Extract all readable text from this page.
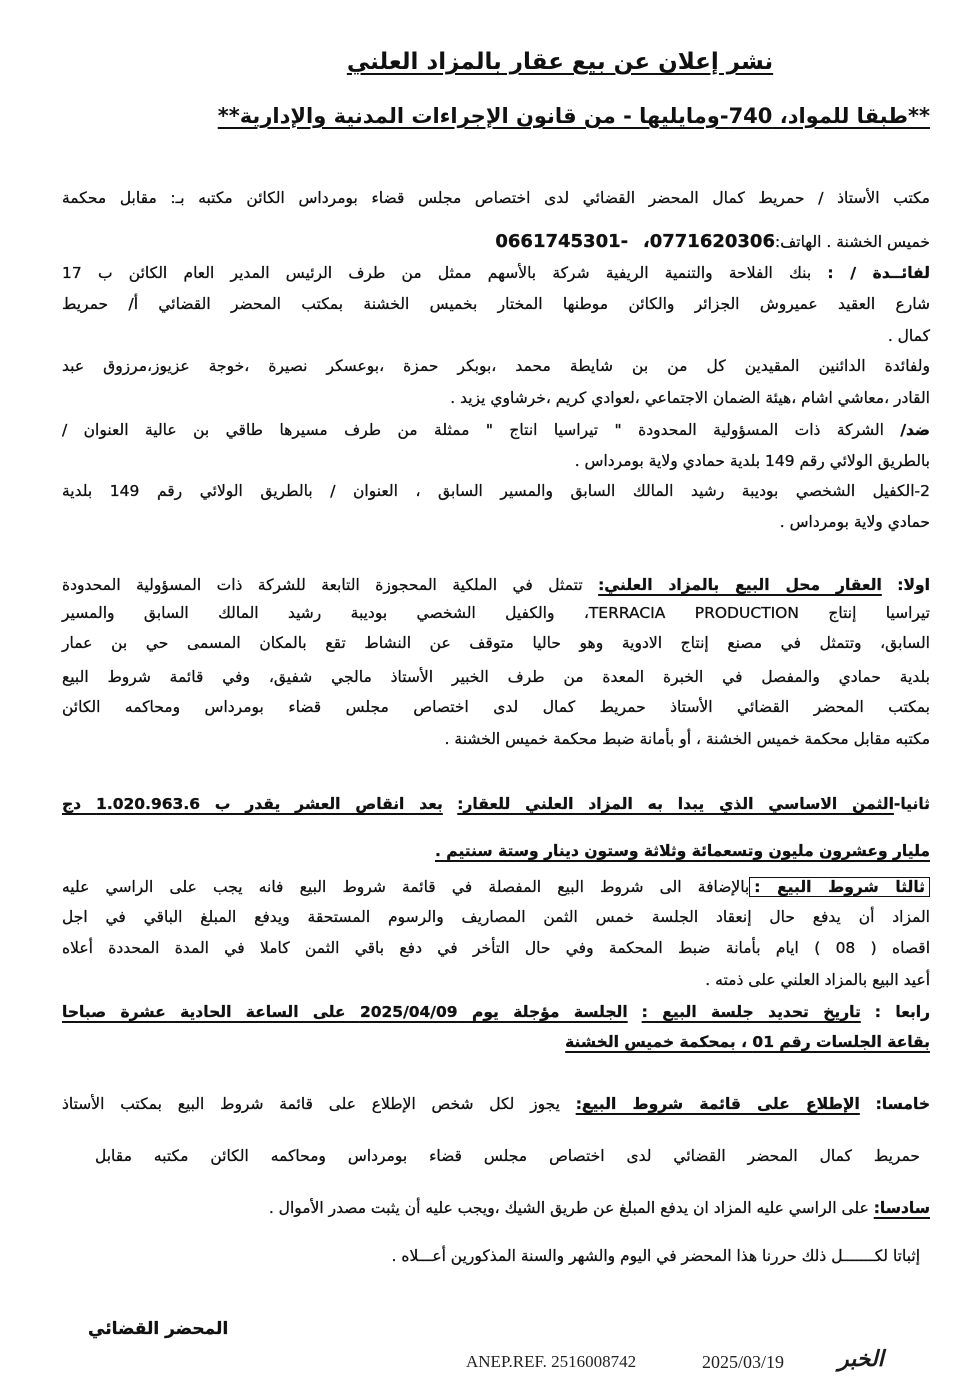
نشر إعلان عن بيع عقار بالمزاد العلني
**طبقا للمواد، 740-ومايليها - من قانون الإجراءات المدنية والإدارية**
مكتب الأستاذ / حمريط كمال المحضر القضائي لدى اختصاص مجلس قضاء بومرداس الكائن مكتبه بـ: مقابل محكمة
خميس الخشنة . الهاتف:0771620306،   -0661745301
لفائــدة / : بنك الفلاحة والتنمية الريفية شركة بالأسهم ممثل من طرف الرئيس المدير العام الكائن ب 17
شارع العقيد عميروش الجزائر والكائن موطنها المختار بخميس الخشنة بمكتب المحضر القضائي أ/ حمريط
كمال .
ولفائدة الدائنين المقيدين كل من بن شايطة محمد ،بوبكر حمزة ،بوعسكر نصيرة ،خوجة عزيوز،مرزوق عبد
القادر ،معاشي اشام ،هيئة الضمان الاجتماعي ،لعوادي كريم ،خرشاوي يزيد .
ضد/ الشركة ذات المسؤولية المحدودة " تيراسيا انتاج " ممثلة من طرف مسيرها طاقي بن عالية العنوان /
بالطريق الولائي رقم 149 بلدية حمادي ولاية بومرداس .
2-الكفيل الشخصي بوديبة رشيد المالك السابق والمسير السابق ، العنوان / بالطريق الولائي رقم 149 بلدية
حمادي ولاية بومرداس .
اولا: العقار محل البيع بالمزاد العلني: تتمثل في الملكية المحجوزة التابعة للشركة ذات المسؤولية المحدودة
تيراسيا إنتاج TERRACIA PRODUCTION، والكفيل الشخصي بوديبة رشيد المالك السابق والمسير
السابق، وتتمثل في مصنع إنتاج الادوية وهو حاليا متوقف عن النشاط تقع بالمكان المسمى حي بن عمار
بلدية حمادي والمفصل في الخبرة المعدة من طرف الخبير الأستاذ مالجي شفيق، وفي قائمة شروط البيع
بمكتب المحضر القضائي الأستاذ حمريط كمال لدى اختصاص مجلس قضاء بومرداس ومحاكمه الكائن
مكتبه مقابل محكمة خميس الخشنة ، أو بأمانة ضبط محكمة خميس الخشنة .
ثانيا-الثمن الاساسي الذي يبدا به المزاد العلني للعقار: بعد انقاص العشر يقدر ب 1.020.963.6 دج
مليار وعشرون مليون وتسعمائة وثلاثة وستون دينار وستة سنتيم .
ثالثا شروط البيع :بالإضافة الى شروط البيع المفصلة في قائمة شروط البيع فانه يجب على الراسي عليه
المزاد أن يدفع حال إنعقاد الجلسة خمس الثمن المصاريف والرسوم المستحقة ويدفع المبلغ الباقي في اجل
اقصاه ( 08 ) ايام بأمانة ضبط المحكمة وفي حال التأخر في دفع باقي الثمن كاملا في المدة المحددة أعلاه
أعيد البيع بالمزاد العلني على ذمته .
رابعا : تاريخ تحديد جلسة البيع : الجلسة مؤجلة يوم 2025/04/09 على الساعة الحادية عشرة صباحا
بقاعة الجلسات رقم 01 ، بمحكمة خميس الخشنة
خامسا: الإطلاع على قائمة شروط البيع: يجوز لكل شخص الإطلاع على قائمة شروط البيع بمكتب الأستاذ
حمريط كمال المحضر القضائي لدى اختصاص مجلس قضاء بومرداس ومحاكمه الكائن مكتبه مقابل
سادسا: على الراسي عليه المزاد ان يدفع المبلغ عن طريق الشيك ،ويجب عليه أن يثبت مصدر الأموال .
إثباتا لكـــــــل ذلك حررنا هذا المحضر في اليوم والشهر والسنة المذكورين أعـــلاه .
المحضر القضائي
ANEP.REF. 2516008742	2025/03/19 الخبر
